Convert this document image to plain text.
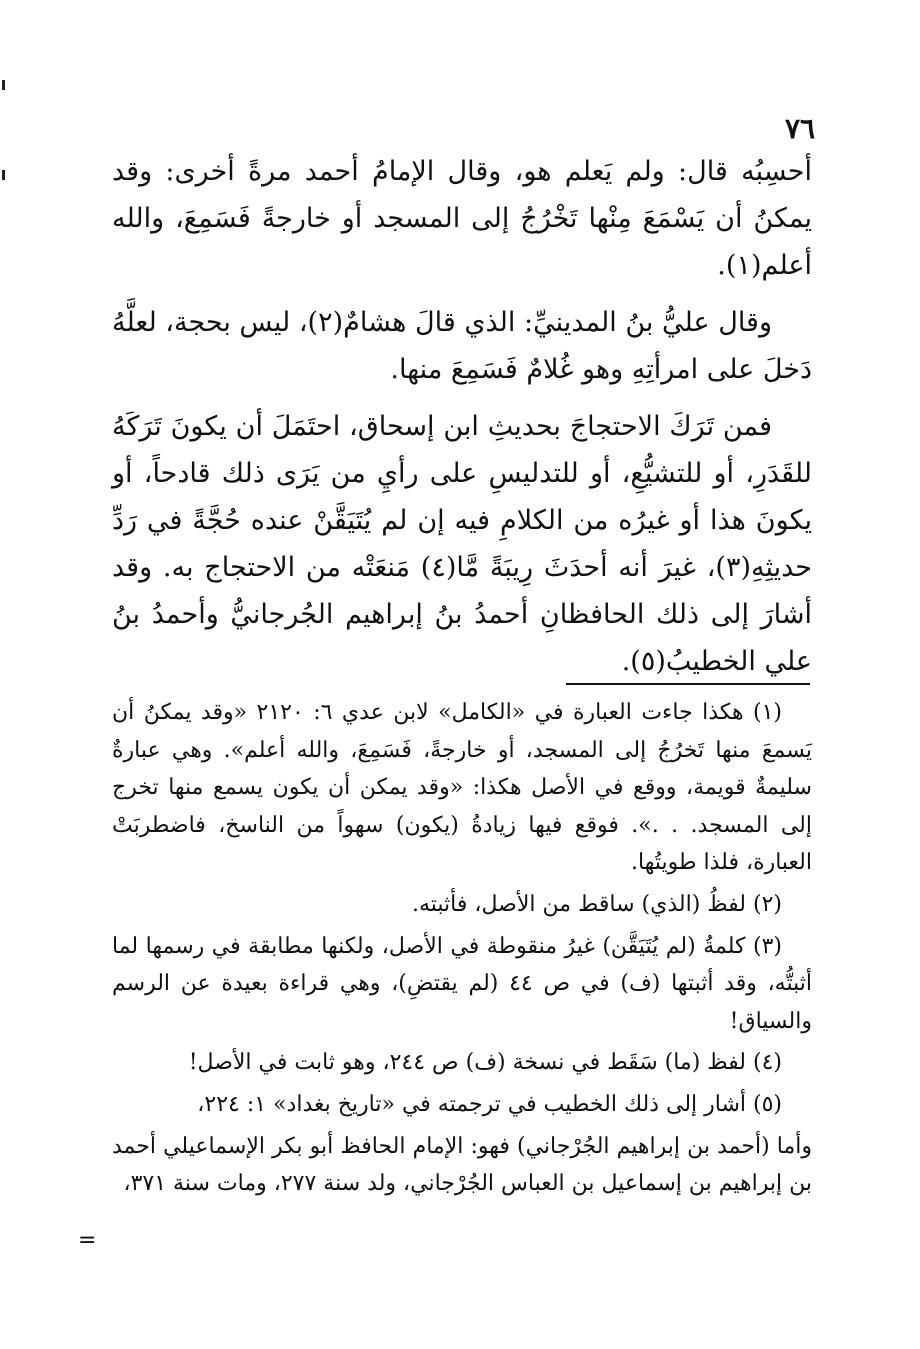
٧٦

أحسِبُه قال: ولم يَعلم هو، وقال الإمامُ أحمد مرةً أخرى: وقد يمكنُ أن يَسْمَعَ مِنْها تَخْرُجُ إلى المسجد أو خارجةً فَسَمِعَ، والله أعلم(١).

وقال عليُّ بنُ المدينيِّ: الذي قالَ هشامٌ(٢)، ليس بحجة، لعلَّهُ دَخلَ على امرأتِهِ وهو غُلامٌ فَسَمِعَ منها.

فمن تَرَكَ الاحتجاجَ بحديثِ ابن إسحاق، احتَمَلَ أن يكونَ تَرَكَهُ للقَدَرِ، أو للتشيُّعِ، أو للتدليسِ على رأيِ من يَرَى ذلك قادحاً، أو يكونَ هذا أو غيرُه من الكلامِ فيه إن لم يُتَيَقَّنْ عنده حُجَّةً في رَدِّ حديثِهِ(٣)، غيرَ أنه أحدَثَ رِيبَةً مَّا(٤) مَنعَتْه من الاحتجاج به. وقد أشارَ إلى ذلك الحافظانِ أحمدُ بنُ إبراهيم الجُرجانيُّ وأحمدُ بنُ علي الخطيبُ(٥).

(١) هكذا جاءت العبارة في «الكامل» لابن عدي ٦: ٢١٢٠ «وقد يمكنُ أن يَسمعَ منها تَخرُجُ إلى المسجد، أو خارجةً، فَسَمِعَ، والله أعلم». وهي عبارةٌ سليمةٌ قويمة، ووقع في الأصل هكذا: «وقد يمكن أن يكون يسمع منها تخرج إلى المسجد. . .». فوقع فيها زيادةُ (يكون) سهواً من الناسخ، فاضطربَتْ العبارة، فلذا طويتُها.

(٢) لفظُ (الذي) ساقط من الأصل، فأثبته.

(٣) كلمةُ (لم يُتَيَقَّن) غيرُ منقوطة في الأصل، ولكنها مطابقة في رسمها لما أثبتُّه، وقد أثبتها (ف) في ص ٤٤ (لم يقتضِ)، وهي قراءة بعيدة عن الرسم والسياق!

(٤) لفظ (ما) سَقَط في نسخة (ف) ص ٢٤٤، وهو ثابت في الأصل!

(٥) أشار إلى ذلك الخطيب في ترجمته في «تاريخ بغداد» ١: ٢٢٤،

وأما (أحمد بن إبراهيم الجُرْجاني) فهو: الإمام الحافظ أبو بكر الإسماعيلي أحمد بن إبراهيم بن إسماعيل بن العباس الجُرْجاني، ولد سنة ٢٧٧، ومات سنة ٣٧١،

=
